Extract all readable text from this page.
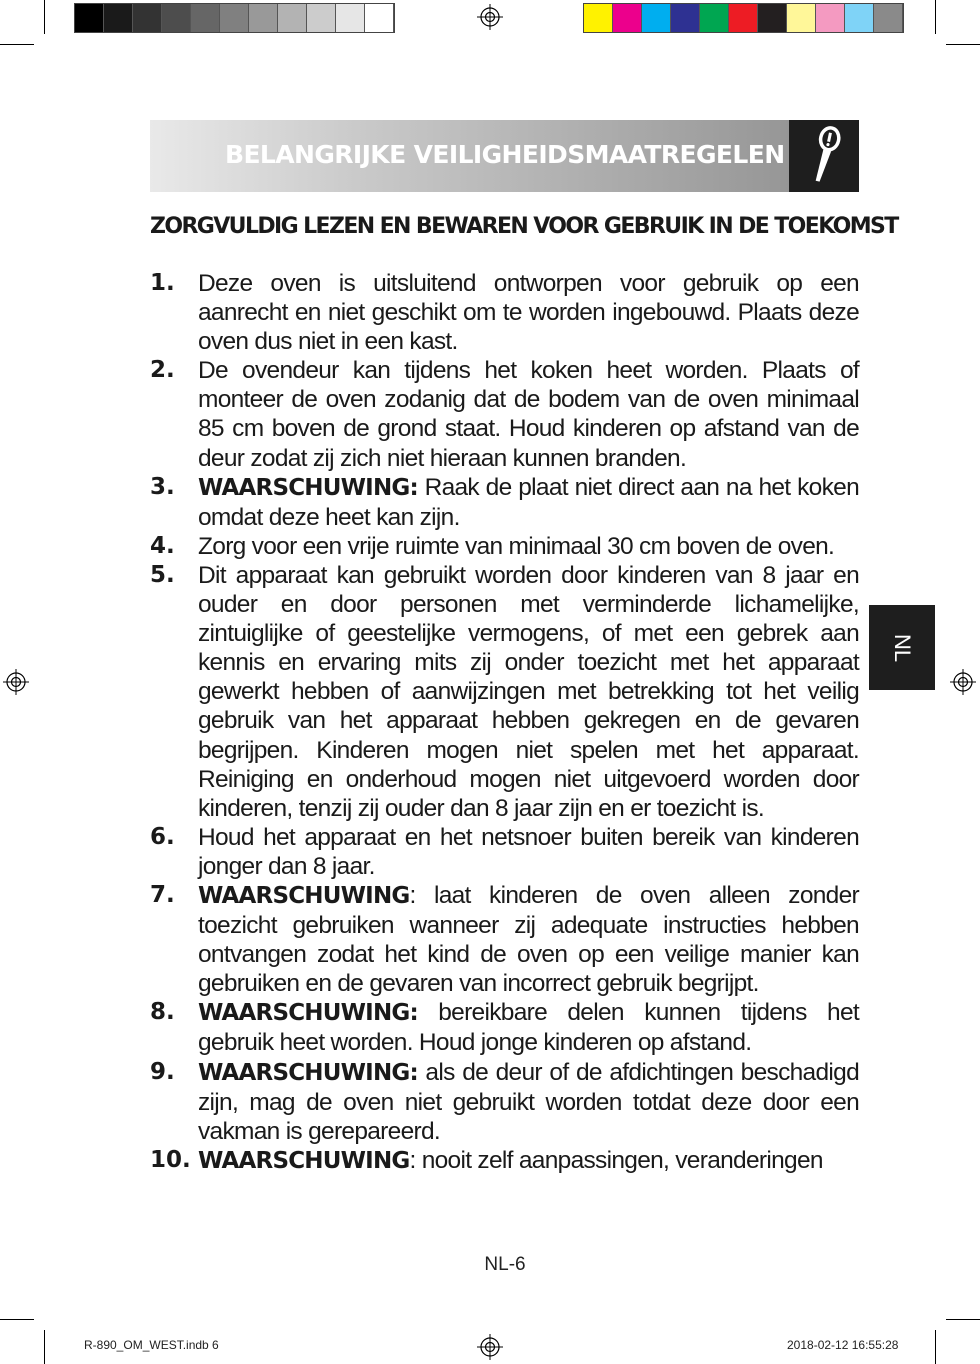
BELANGRIJKE VEILIGHEIDSMAATREGELEN
ZORGVULDIG LEZEN EN BEWAREN VOOR GEBRUIK IN DE TOEKOMST
1. Deze oven is uitsluitend ontworpen voor gebruik op een aanrecht en niet geschikt om te worden ingebouwd. Plaats deze oven dus niet in een kast.
2. De ovendeur kan tijdens het koken heet worden. Plaats of monteer de oven zodanig dat de bodem van de oven minimaal 85 cm boven de grond staat. Houd kinderen op afstand van de deur zodat zij zich niet hieraan kunnen branden.
3. WAARSCHUWING: Raak de plaat niet direct aan na het koken omdat deze heet kan zijn.
4. Zorg voor een vrije ruimte van minimaal 30 cm boven de oven.
5. Dit apparaat kan gebruikt worden door kinderen van 8 jaar en ouder en door personen met verminderde lichamelijke, zintuiglijke of geestelijke vermogens, of met een gebrek aan kennis en ervaring mits zij onder toezicht met het apparaat gewerkt hebben of aanwijzingen met betrekking tot het veilig gebruik van het apparaat hebben gekregen en de gevaren begrijpen. Kinderen mogen niet spelen met het apparaat. Reiniging en onderhoud mogen niet uitgevoerd worden door kinderen, tenzij zij ouder dan 8 jaar zijn en er toezicht is.
6. Houd het apparaat en het netsnoer buiten bereik van kinderen jonger dan 8 jaar.
7. WAARSCHUWING: laat kinderen de oven alleen zonder toezicht gebruiken wanneer zij adequate instructies hebben ontvangen zodat het kind de oven op een veilige manier kan gebruiken en de gevaren van incorrect gebruik begrijpt.
8. WAARSCHUWING: bereikbare delen kunnen tijdens het gebruik heet worden. Houd jonge kinderen op afstand.
9. WAARSCHUWING: als de deur of de afdichtingen beschadigd zijn, mag de oven niet gebruikt worden totdat deze door een vakman is gerepareerd.
10. WAARSCHUWING: nooit zelf aanpassingen, veranderingen
NL
NL-6
R-890_OM_WEST.indb 6	2018-02-12 16:55:28
